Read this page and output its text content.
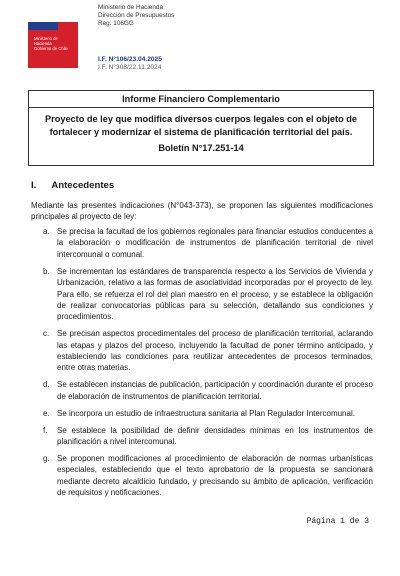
Ministerio de
Hacienda
Gobierno de Chile
Ministerio de Hacienda
Dirección de Presupuestos
Reg. 106GG
I.F. N°106/23.04.2025
I.F. N°308/22.11.2024
Informe Financiero Complementario
Proyecto de ley que modifica diversos cuerpos legales con el objeto de fortalecer y modernizar el sistema de planificación territorial del país.
Boletín N°17.251-14
I. Antecedentes
Mediante las presentes indicaciones (N°043-373), se proponen las siguientes modificaciones principales al proyecto de ley:
a. Se precisa la facultad de los gobiernos regionales para financiar estudios conducentes a la elaboración o modificación de instrumentos de planificación territorial de nivel intercomunal o comunal.
b. Se incrementan los estándares de transparencia respecto a los Servicios de Vivienda y Urbanización, relativo a las formas de asociatividad incorporadas por el proyecto de ley. Para ello, se refuerza el rol del plan maestro en el proceso, y se establece la obligación de realizar convocatorias públicas para su selección, detallando sus condiciones y procedimientos.
c. Se precisan aspectos procedimentales del proceso de planificación territorial, aclarando las etapas y plazos del proceso, incluyendo la facultad de poner término anticipado, y estableciendo las condiciones para reutilizar antecedentes de procesos terminados, entre otras materias.
d. Se establecen instancias de publicación, participación y coordinación durante el proceso de elaboración de instrumentos de planificación territorial.
e. Se incorpora un estudio de infraestructura sanitaria al Plan Regulador Intercomunal.
f. Se establece la posibilidad de definir densidades mínimas en los instrumentos de planificación a nivel intercomunal.
g. Se proponen modificaciones al procedimiento de elaboración de normas urbanísticas especiales, estableciendo que el texto aprobatorio de la propuesta se sancionará mediante decreto alcaldicio fundado, y precisando su ámbito de aplicación, verificación de requisitos y notificaciones.
Página 1 de 3
